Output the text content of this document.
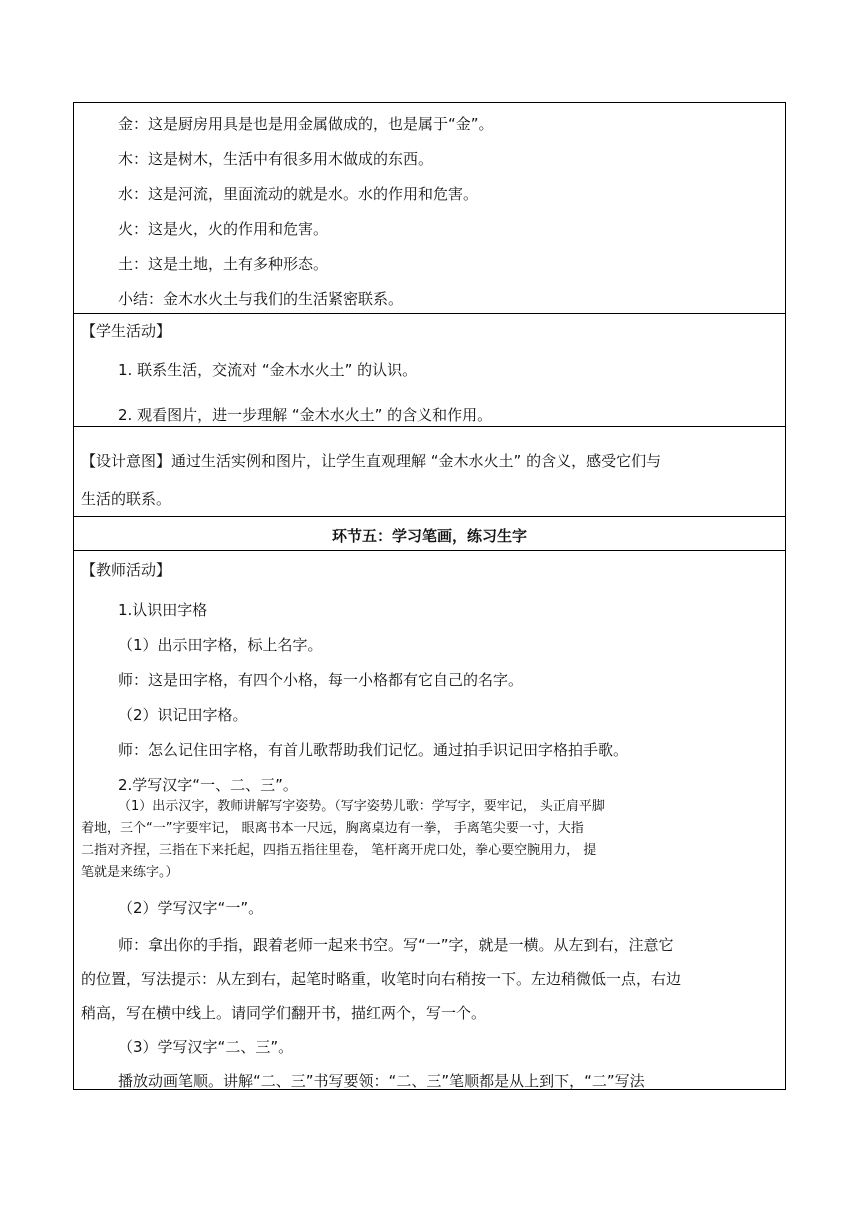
金：这是厨房用具是也是用金属做成的，也是属于“金”。
木：这是树木，生活中有很多用木做成的东西。
水：这是河流，里面流动的就是水。水的作用和危害。
火：这是火，火的作用和危害。
土：这是土地，土有多种形态。
小结：金木水火土与我们的生活紧密联系。
【学生活动】
1. 联系生活，交流对 “金木水火土” 的认识。
2. 观看图片，进一步理解 “金木水火土” 的含义和作用。
【设计意图】通过生活实例和图片，让学生直观理解 “金木水火土” 的含义，感受它们与
生活的联系。
环节五：学习笔画，练习生字
【教师活动】
1.认识田字格
（1）出示田字格，标上名字。
师：这是田字格，有四个小格，每一小格都有它自己的名字。
（2）识记田字格。
师：怎么记住田字格，有首儿歌帮助我们记忆。通过拍手识记田字格拍手歌。
2.学写汉字“一、二、三”。
（1）出示汉字，教师讲解写字姿势。（写字姿势儿歌：学写字，要牢记， 头正肩平脚
着地，三个“一”字要牢记， 眼离书本一尺远，胸离桌边有一拳， 手离笔尖要一寸，大指
二指对齐捏，三指在下来托起，四指五指往里卷， 笔杆离开虎口处，拳心要空腕用力， 提
笔就是来练字。）
（2）学写汉字“一”。
师：拿出你的手指，跟着老师一起来书空。写“一”字，就是一横。从左到右，注意它
的位置，写法提示：从左到右，起笔时略重，收笔时向右稍按一下。左边稍微低一点，右边
稍高，写在横中线上。请同学们翻开书，描红两个，写一个。
（3）学写汉字“二、三”。
播放动画笔顺。讲解“二、三”书写要领：“二、三”笔顺都是从上到下，“二”写法
